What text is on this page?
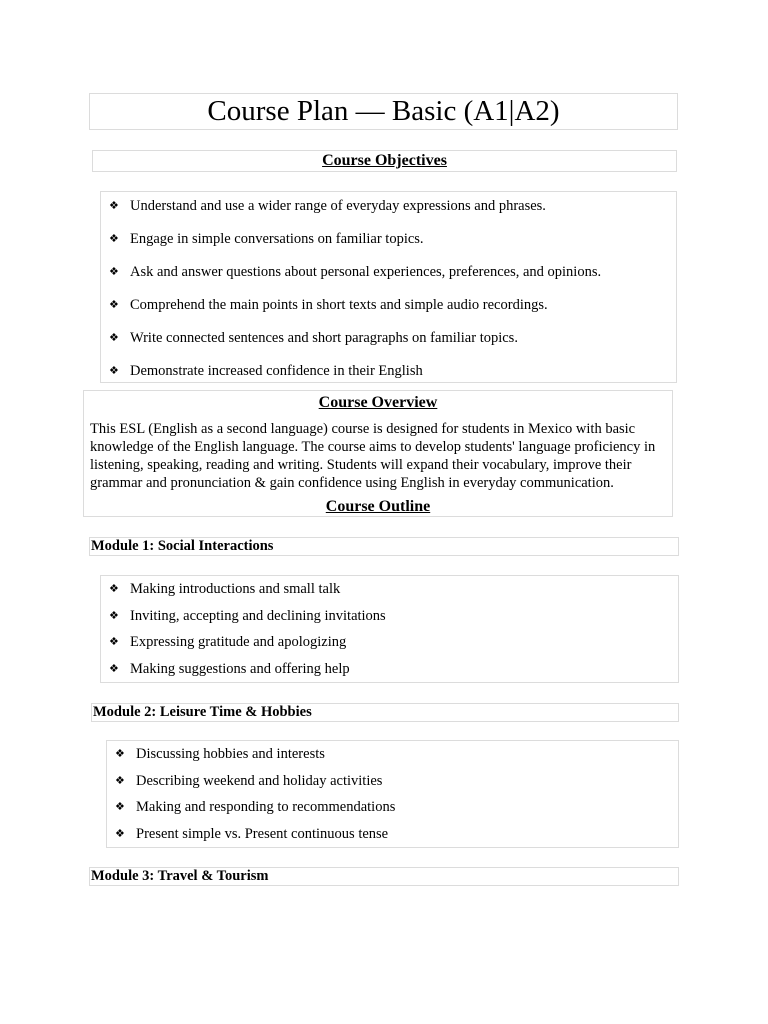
Course Plan — Basic (A1|A2)
Course Objectives
❖ Understand and use a wider range of everyday expressions and phrases.
❖ Engage in simple conversations on familiar topics.
❖ Ask and answer questions about personal experiences, preferences, and opinions.
❖ Comprehend the main points in short texts and simple audio recordings.
❖ Write connected sentences and short paragraphs on familiar topics.
❖ Demonstrate increased confidence in their English
Course Overview

This ESL (English as a second language) course is designed for students in Mexico with basic knowledge of the English language. The course aims to develop students' language proficiency in listening, speaking, reading and writing. Students will expand their vocabulary, improve their grammar and pronunciation & gain confidence using English in everyday communication.

Course Outline
Module 1: Social Interactions
❖ Making introductions and small talk
❖ Inviting, accepting and declining invitations
❖ Expressing gratitude and apologizing
❖ Making suggestions and offering help
Module 2: Leisure Time & Hobbies
❖ Discussing hobbies and interests
❖ Describing weekend and holiday activities
❖ Making and responding to recommendations
❖ Present simple vs. Present continuous tense
Module 3: Travel & Tourism
